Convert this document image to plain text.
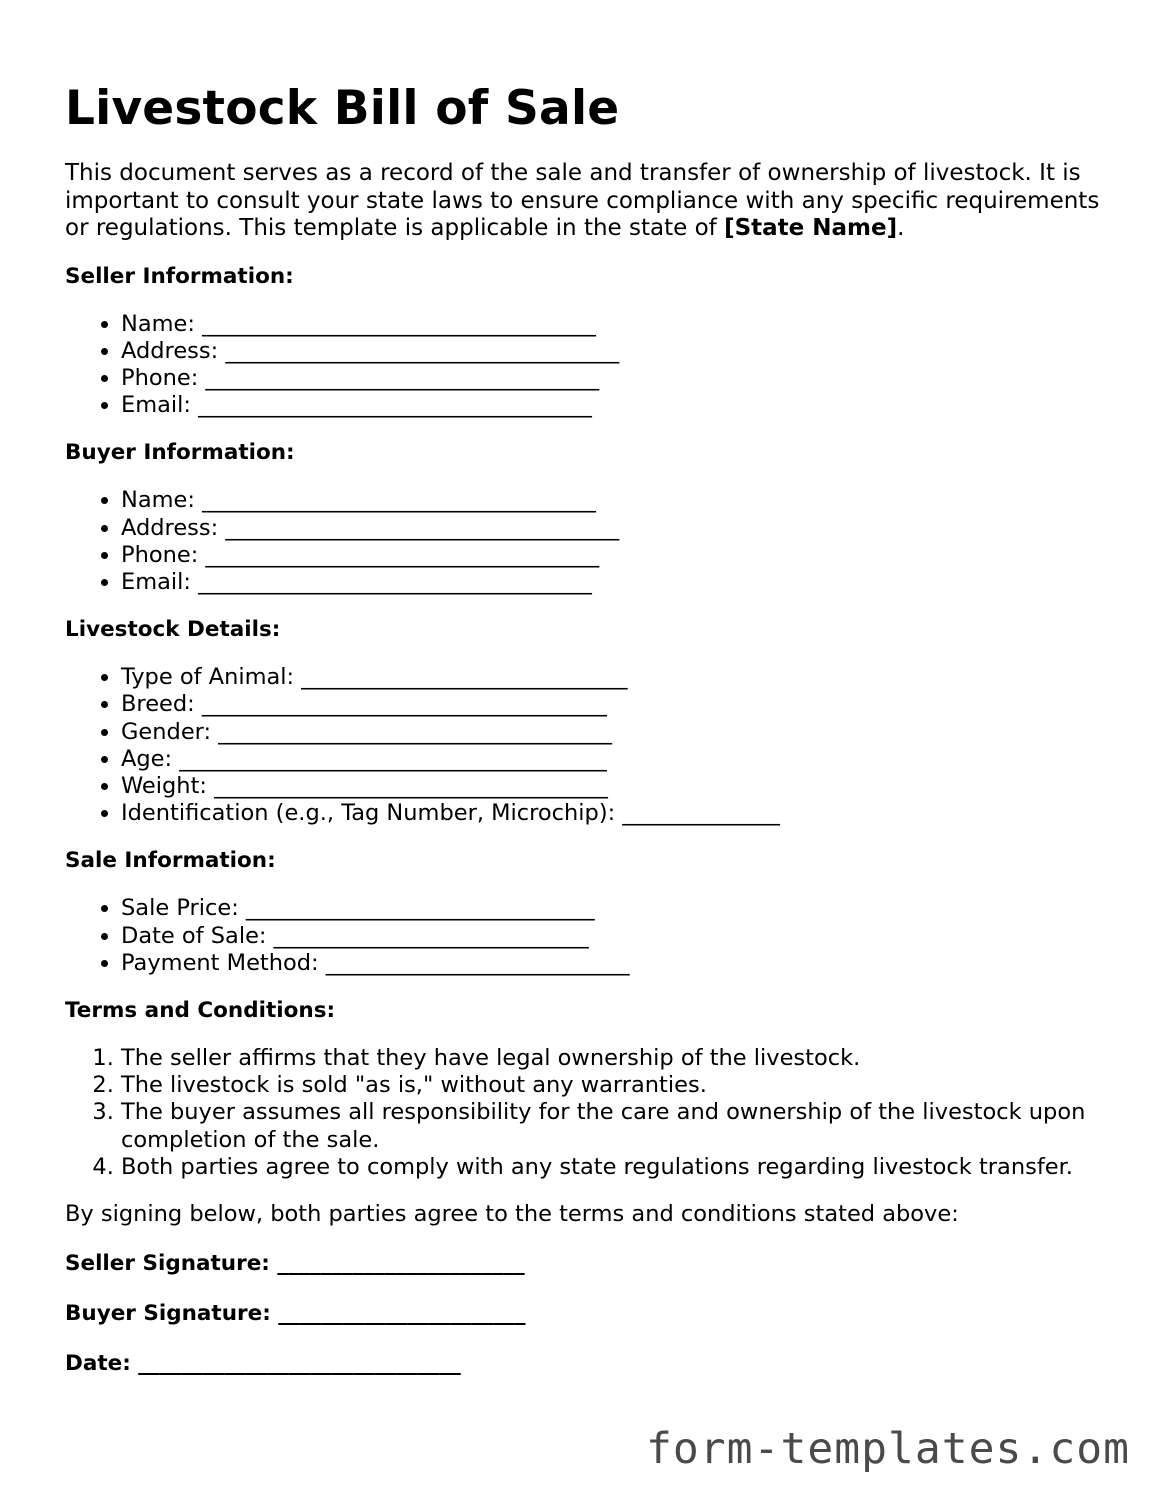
Livestock Bill of Sale

This document serves as a record of the sale and transfer of ownership of livestock. It is important to consult your state laws to ensure compliance with any specific requirements or regulations. This template is applicable in the state of [State Name].

Seller Information:
• Name: ___________________________________
• Address: ___________________________________
• Phone: ___________________________________
• Email: ___________________________________
Buyer Information:
• Name: ___________________________________
• Address: ___________________________________
• Phone: ___________________________________
• Email: ___________________________________
Livestock Details:
• Type of Animal: _____________________________
• Breed: ____________________________________
• Gender: ___________________________________
• Age: ______________________________________
• Weight: ___________________________________
• Identification (e.g., Tag Number, Microchip): ______________
Sale Information:
• Sale Price: _______________________________
• Date of Sale: ____________________________
• Payment Method: ___________________________
Terms and Conditions:
1. The seller affirms that they have legal ownership of the livestock.
2. The livestock is sold "as is," without any warranties.
3. The buyer assumes all responsibility for the care and ownership of the livestock upon completion of the sale.
4. Both parties agree to comply with any state regulations regarding livestock transfer.

By signing below, both parties agree to the terms and conditions stated above:

Seller Signature: _______________________

Buyer Signature: _______________________

Date: ______________________________

form-templates.com
